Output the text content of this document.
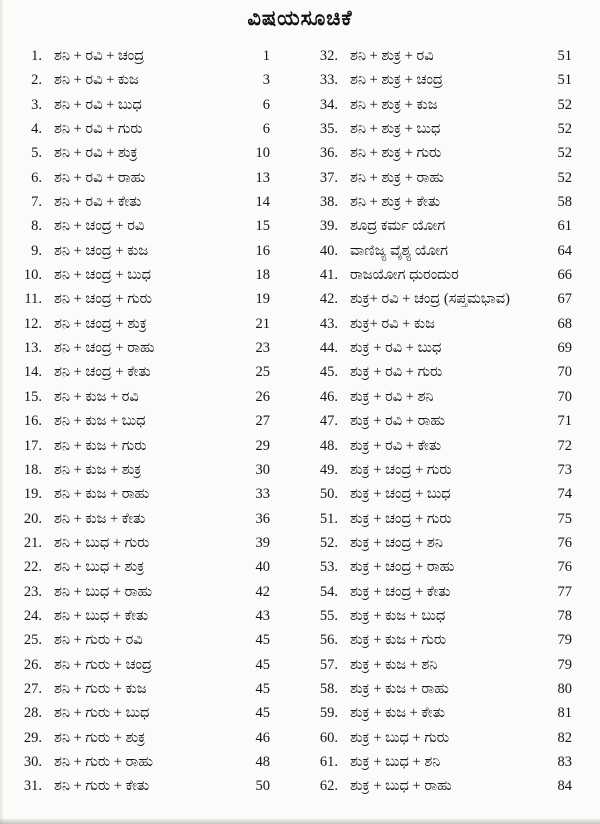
ವಿಷಯಸೂಚಿಕೆ
1. ಶನಿ + ರವಿ + ಚಂದ್ರ	1
2. ಶನಿ + ರವಿ + ಕುಜ	3
3. ಶನಿ + ರವಿ + ಬುಧ	6
4. ಶನಿ + ರವಿ + ಗುರು	6
5. ಶನಿ + ರವಿ + ಶುಕ್ರ	10
6. ಶನಿ + ರವಿ + ರಾಹು	13
7. ಶನಿ + ರವಿ + ಕೇತು	14
8. ಶನಿ + ಚಂದ್ರ + ರವಿ	15
9. ಶನಿ + ಚಂದ್ರ + ಕುಜ	16
10. ಶನಿ + ಚಂದ್ರ + ಬುಧ	18
11. ಶನಿ + ಚಂದ್ರ + ಗುರು	19
12. ಶನಿ + ಚಂದ್ರ + ಶುಕ್ರ	21
13. ಶನಿ + ಚಂದ್ರ + ರಾಹು	23
14. ಶನಿ + ಚಂದ್ರ + ಕೇತು	25
15. ಶನಿ + ಕುಜ + ರವಿ	26
16. ಶನಿ + ಕುಜ + ಬುಧ	27
17. ಶನಿ + ಕುಜ + ಗುರು	29
18. ಶನಿ + ಕುಜ + ಶುಕ್ರ	30
19. ಶನಿ + ಕುಜ + ರಾಹು	33
20. ಶನಿ + ಕುಜ + ಕೇತು	36
21. ಶನಿ + ಬುಧ + ಗುರು	39
22. ಶನಿ + ಬುಧ + ಶುಕ್ರ	40
23. ಶನಿ + ಬುಧ + ರಾಹು	42
24. ಶನಿ + ಬುಧ + ಕೇತು	43
25. ಶನಿ + ಗುರು + ರವಿ	45
26. ಶನಿ + ಗುರು + ಚಂದ್ರ	45
27. ಶನಿ + ಗುರು + ಕುಜ	45
28. ಶನಿ + ಗುರು + ಬುಧ	45
29. ಶನಿ + ಗುರು + ಶುಕ್ರ	46
30. ಶನಿ + ಗುರು + ರಾಹು	48
31. ಶನಿ + ಗುರು + ಕೇತು	50
32. ಶನಿ + ಶುಕ್ರ + ರವಿ	51
33. ಶನಿ + ಶುಕ್ರ + ಚಂದ್ರ	51
34. ಶನಿ + ಶುಕ್ರ + ಕುಜ	52
35. ಶನಿ + ಶುಕ್ರ + ಬುಧ	52
36. ಶನಿ + ಶುಕ್ರ + ಗುರು	52
37. ಶನಿ + ಶುಕ್ರ + ರಾಹು	52
38. ಶನಿ + ಶುಕ್ರ + ಕೇತು	58
39. ಶೂದ್ರ ಕರ್ಮ ಯೋಗ	61
40. ವಾಣಿಜ್ಯ ವೈಶ್ಯ ಯೋಗ	64
41. ರಾಜಯೋಗ ಧುರಂದುರ	66
42. ಶುಕ್ರ+ ರವಿ + ಚಂದ್ರ (ಸಪ್ತಮಭಾವ)	67
43. ಶುಕ್ರ+ ರವಿ + ಕುಜ	68
44. ಶುಕ್ರ + ರವಿ + ಬುಧ	69
45. ಶುಕ್ರ + ರವಿ + ಗುರು	70
46. ಶುಕ್ರ + ರವಿ + ಶನಿ	70
47. ಶುಕ್ರ + ರವಿ + ರಾಹು	71
48. ಶುಕ್ರ + ರವಿ + ಕೇತು	72
49. ಶುಕ್ರ + ಚಂದ್ರ + ಗುರು	73
50. ಶುಕ್ರ + ಚಂದ್ರ + ಬುಧ	74
51. ಶುಕ್ರ + ಚಂದ್ರ + ಗುರು	75
52. ಶುಕ್ರ + ಚಂದ್ರ + ಶನಿ	76
53. ಶುಕ್ರ + ಚಂದ್ರ + ರಾಹು	76
54. ಶುಕ್ರ + ಚಂದ್ರ + ಕೇತು	77
55. ಶುಕ್ರ + ಕುಜ + ಬುಧ	78
56. ಶುಕ್ರ + ಕುಜ + ಗುರು	79
57. ಶುಕ್ರ + ಕುಜ + ಶನಿ	79
58. ಶುಕ್ರ + ಕುಜ + ರಾಹು	80
59. ಶುಕ್ರ + ಕುಜ + ಕೇತು	81
60. ಶುಕ್ರ + ಬುಧ + ಗುರು	82
61. ಶುಕ್ರ + ಬುಧ + ಶನಿ	83
62. ಶುಕ್ರ + ಬುಧ + ರಾಹು	84
